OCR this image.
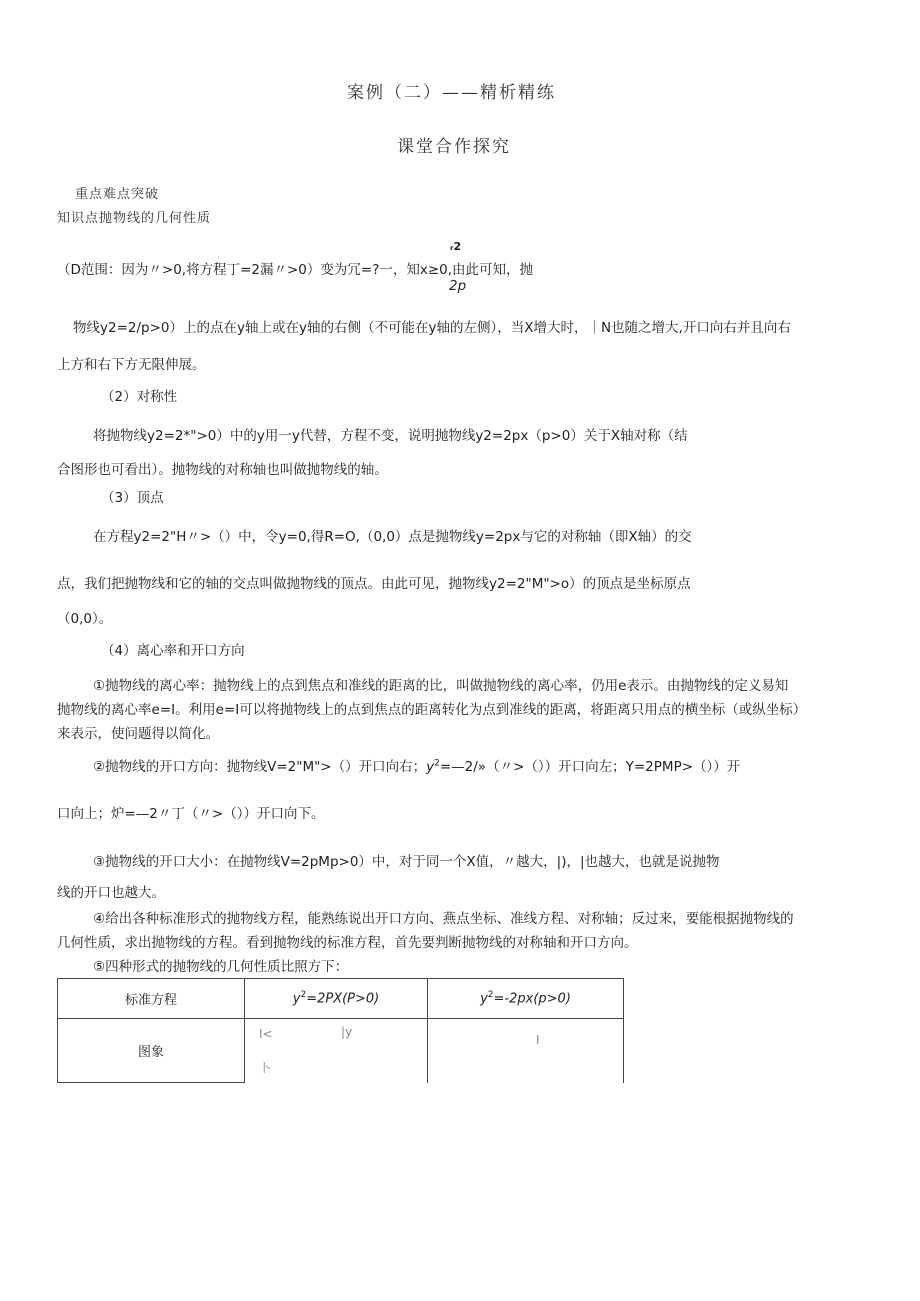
案例（二）——精析精练
课堂合作探究
重点难点突破
知识点抛物线的几何性质
ᵣ2
（D范围：因为〃>0,将方程丁=2漏〃>0）变为冗=?一，知x≥0,由此可知，抛
2p
物线y2=2/p>0）上的点在y轴上或在y轴的右侧（不可能在y轴的左侧），当X增大时，｜N也随之增大,开口向右并且向右
上方和右下方无限伸展。
（2）对称性
将抛物线y2=2*">0）中的y用一y代替，方程不变，说明抛物线y2=2px（p>0）关于X轴对称（结
合图形也可看出）。抛物线的对称轴也叫做抛物线的轴。
（3）顶点
在方程y2=2"H〃>（）中，令y=0,得R=O,（0,0）点是抛物线y=2px与它的对称轴（即X轴）的交
点，我们把抛物线和它的轴的交点叫做抛物线的顶点。由此可见，抛物线y2=2"M">o）的顶点是坐标原点
（0,0）。
（4）离心率和开口方向
①抛物线的离心率：抛物线上的点到焦点和准线的距离的比，叫做抛物线的离心率，仍用e表示。由抛物线的定义易知
抛物线的离心率e=I。利用e=I可以将抛物线上的点到焦点的距离转化为点到准线的距离，将距离只用点的横坐标（或纵坐标）
来表示，使问题得以简化。
②抛物线的开口方向：抛物线V=2"M">（）开口向右；$y^2=—2/$»（〃>（））开口向左；Y=2PMP>（））开
口向上；炉=—2〃丁（〃>（））开口向下。
③抛物线的开口大小：在抛物线V=2pMp>0）中，对于同一个X值，〃越大，|)，|也越大，也就是说抛物
线的开口也越大。
④给出各种标准形式的抛物线方程，能熟练说出开口方向、燕点坐标、准线方程、对称轴；反过来，要能根据抛物线的
几何性质，求出抛物线的方程。看到抛物线的标准方程，首先要判断抛物线的对称轴和开口方向。
⑤四种形式的抛物线的几何性质比照方下：
标准方程	$y^2=2PX(P>0)$	$y^2=-2px(p>0)$
图象	I< |y
卜	I
